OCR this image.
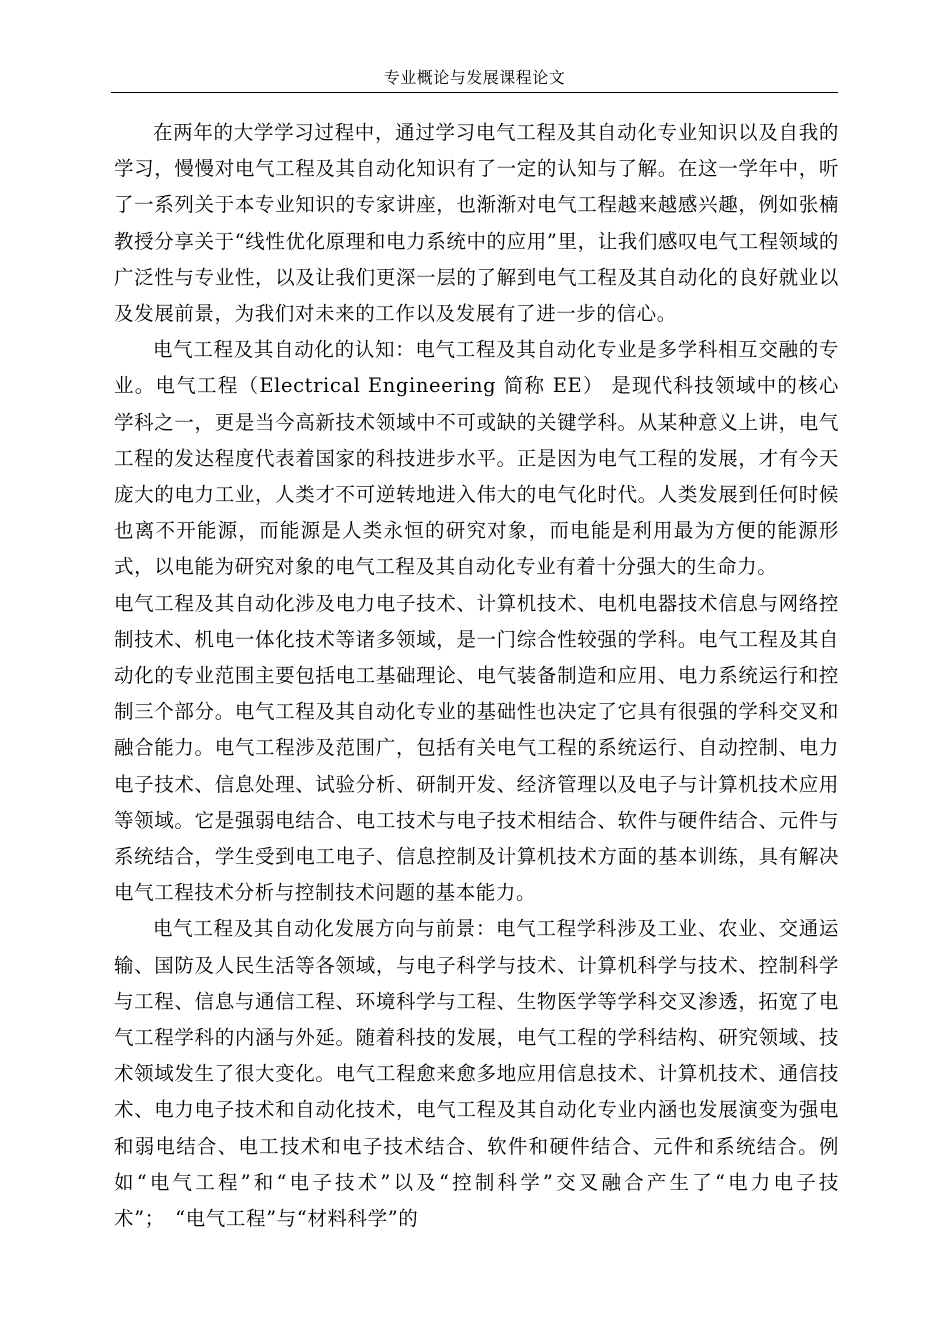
专业概论与发展课程论文

在两年的大学学习过程中，通过学习电气工程及其自动化专业知识以及自我的学习，慢慢对电气工程及其自动化知识有了一定的认知与了解。在这一学年中，听了一系列关于本专业知识的专家讲座，也渐渐对电气工程越来越感兴趣，例如张楠教授分享关于“线性优化原理和电力系统中的应用”里，让我们感叹电气工程领域的广泛性与专业性，以及让我们更深一层的了解到电气工程及其自动化的良好就业以及发展前景，为我们对未来的工作以及发展有了进一步的信心。

电气工程及其自动化的认知：电气工程及其自动化专业是多学科相互交融的专业。电气工程（Electrical Engineering 简称 EE） 是现代科技领域中的核心学科之一，更是当今高新技术领域中不可或缺的关键学科。从某种意义上讲，电气工程的发达程度代表着国家的科技进步水平。正是因为电气工程的发展，才有今天庞大的电力工业，人类才不可逆转地进入伟大的电气化时代。人类发展到任何时候也离不开能源，而能源是人类永恒的研究对象，而电能是利用最为方便的能源形式，以电能为研究对象的电气工程及其自动化专业有着十分强大的生命力。

电气工程及其自动化涉及电力电子技术、计算机技术、电机电器技术信息与网络控制技术、机电一体化技术等诸多领域，是一门综合性较强的学科。电气工程及其自动化的专业范围主要包括电工基础理论、电气装备制造和应用、电力系统运行和控制三个部分。电气工程及其自动化专业的基础性也决定了它具有很强的学科交叉和融合能力。电气工程涉及范围广，包括有关电气工程的系统运行、自动控制、电力电子技术、信息处理、试验分析、研制开发、经济管理以及电子与计算机技术应用等领域。它是强弱电结合、电工技术与电子技术相结合、软件与硬件结合、元件与系统结合，学生受到电工电子、信息控制及计算机技术方面的基本训练，具有解决电气工程技术分析与控制技术问题的基本能力。

电气工程及其自动化发展方向与前景：电气工程学科涉及工业、农业、交通运输、国防及人民生活等各领域，与电子科学与技术、计算机科学与技术、控制科学与工程、信息与通信工程、环境科学与工程、生物医学等学科交叉渗透，拓宽了电气工程学科的内涵与外延。随着科技的发展，电气工程的学科结构、研究领域、技术领域发生了很大变化。电气工程愈来愈多地应用信息技术、计算机技术、通信技术、电力电子技术和自动化技术，电气工程及其自动化专业内涵也发展演变为强电和弱电结合、电工技术和电子技术结合、软件和硬件结合、元件和系统结合。例如“电气工程”和“电子技术”以及“控制科学”交叉融合产生了“电力电子技术”；　“电气工程”与“材料科学”的
